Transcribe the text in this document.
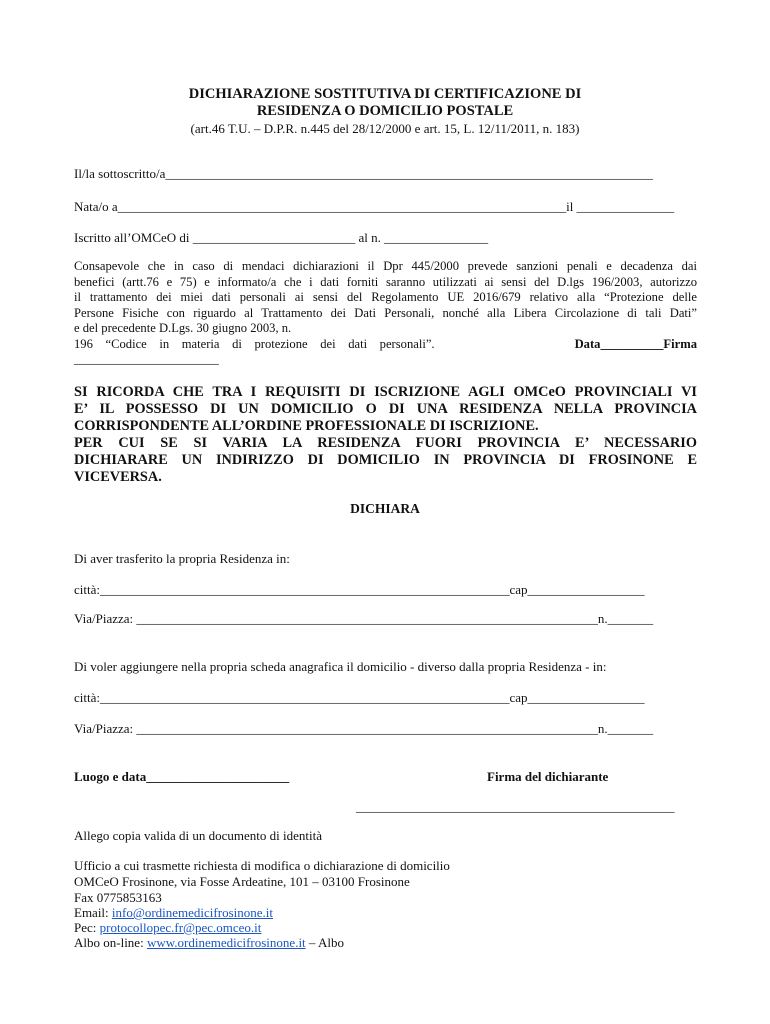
DICHIARAZIONE SOSTITUTIVA DI CERTIFICAZIONE DI
RESIDENZA O DOMICILIO POSTALE
(art.46 T.U. – D.P.R. n.445 del 28/12/2000 e art. 15, L. 12/11/2011, n. 183)
Il/la sottoscritto/a___________________________________________________________________________
Nata/o a_____________________________________________________________________il _______________
Iscritto all’OMCeO di _________________________ al n. ________________
Consapevole che in caso di mendaci dichiarazioni il Dpr 445/2000 prevede sanzioni penali e decadenza dai
benefici (artt.76 e 75) e informato/a che i dati forniti saranno utilizzati ai sensi del D.lgs 196/2003, autorizzo
il trattamento dei miei dati personali ai sensi del Regolamento UE 2016/679 relativo alla “Protezione delle
Persone Fisiche con riguardo al Trattamento dei Dati Personali, nonché alla Libera Circolazione di tali Dati”
e del precedente D.Lgs. 30 giugno 2003, n.
196    “Codice    in    materia    di    protezione    dei    dati    personali”.	Data__________Firma
_______________________
SI RICORDA CHE TRA I REQUISITI DI ISCRIZIONE AGLI OMCeO PROVINCIALI VI
E’ IL POSSESSO DI UN DOMICILIO O DI UNA RESIDENZA NELLA PROVINCIA
CORRISPONDENTE ALL’ORDINE PROFESSIONALE DI ISCRIZIONE.
PER CUI SE SI VARIA LA RESIDENZA FUORI PROVINCIA E’ NECESSARIO
DICHIARARE UN INDIRIZZO DI DOMICILIO IN PROVINCIA DI FROSINONE E
VICEVERSA.
DICHIARA
Di aver trasferito la propria Residenza in:
città:_______________________________________________________________cap__________________
Via/Piazza: _______________________________________________________________________n._______
Di voler aggiungere nella propria scheda anagrafica il domicilio - diverso dalla propria Residenza - in:
città:_______________________________________________________________cap__________________
Via/Piazza: _______________________________________________________________________n._______
Luogo e data______________________	Firma del dichiarante
_________________________________________________
Allego copia valida di un documento di identità
Ufficio a cui trasmette richiesta di modifica o dichiarazione di domicilio
OMCeO Frosinone, via Fosse Ardeatine, 101 – 03100 Frosinone
Fax 0775853163
Email: info@ordinemedicifrosinone.it
Pec: protocollopec.fr@pec.omceo.it
Albo on-line: www.ordinemedicifrosinone.it – Albo
